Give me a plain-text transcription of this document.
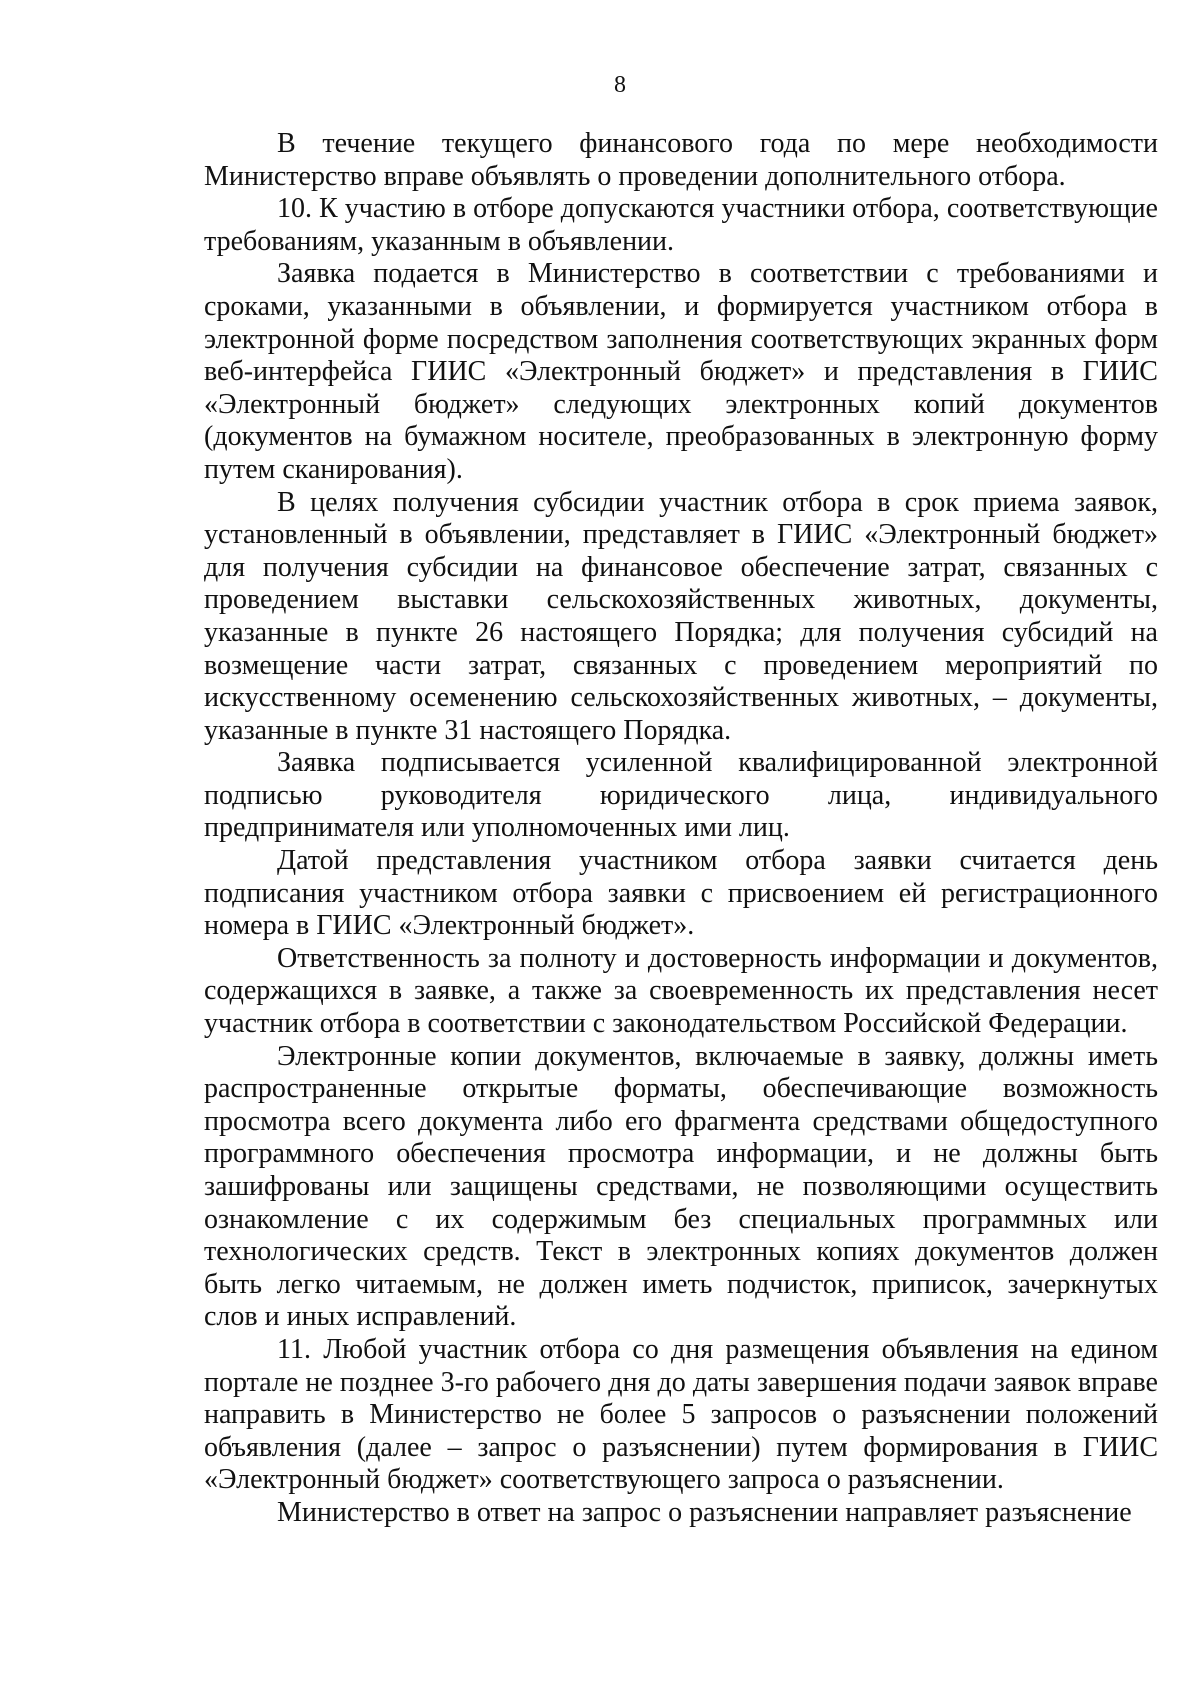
8

В течение текущего финансового года по мере необходимости Министерство вправе объявлять о проведении дополнительного отбора.

10. К участию в отборе допускаются участники отбора, соответствующие требованиям, указанным в объявлении.

Заявка подается в Министерство в соответствии с требованиями и сроками, указанными в объявлении, и формируется участником отбора в электронной форме посредством заполнения соответствующих экранных форм веб-интерфейса ГИИС «Электронный бюджет» и представления в ГИИС «Электронный бюджет» следующих электронных копий документов (документов на бумажном носителе, преобразованных в электронную форму путем сканирования).

В целях получения субсидии участник отбора в срок приема заявок, установленный в объявлении, представляет в ГИИС «Электронный бюджет» для получения субсидии на финансовое обеспечение затрат, связанных с проведением выставки сельскохозяйственных животных, документы, указанные в пункте 26 настоящего Порядка; для получения субсидий на возмещение части затрат, связанных с проведением мероприятий по искусственному осеменению сельскохозяйственных животных, – документы, указанные в пункте 31 настоящего Порядка.

Заявка подписывается усиленной квалифицированной электронной подписью руководителя юридического лица, индивидуального предпринимателя или уполномоченных ими лиц.

Датой представления участником отбора заявки считается день подписания участником отбора заявки с присвоением ей регистрационного номера в ГИИС «Электронный бюджет».

Ответственность за полноту и достоверность информации и документов, содержащихся в заявке, а также за своевременность их представления несет участник отбора в соответствии с законодательством Российской Федерации.

Электронные копии документов, включаемые в заявку, должны иметь распространенные открытые форматы, обеспечивающие возможность просмотра всего документа либо его фрагмента средствами общедоступного программного обеспечения просмотра информации, и не должны быть зашифрованы или защищены средствами, не позволяющими осуществить ознакомление с их содержимым без специальных программных или технологических средств. Текст в электронных копиях документов должен быть легко читаемым, не должен иметь подчисток, приписок, зачеркнутых слов и иных исправлений.

11. Любой участник отбора со дня размещения объявления на едином портале не позднее 3-го рабочего дня до даты завершения подачи заявок вправе направить в Министерство не более 5 запросов о разъяснении положений объявления (далее – запрос о разъяснении) путем формирования в ГИИС «Электронный бюджет» соответствующего запроса о разъяснении.

Министерство в ответ на запрос о разъяснении направляет разъяснение
